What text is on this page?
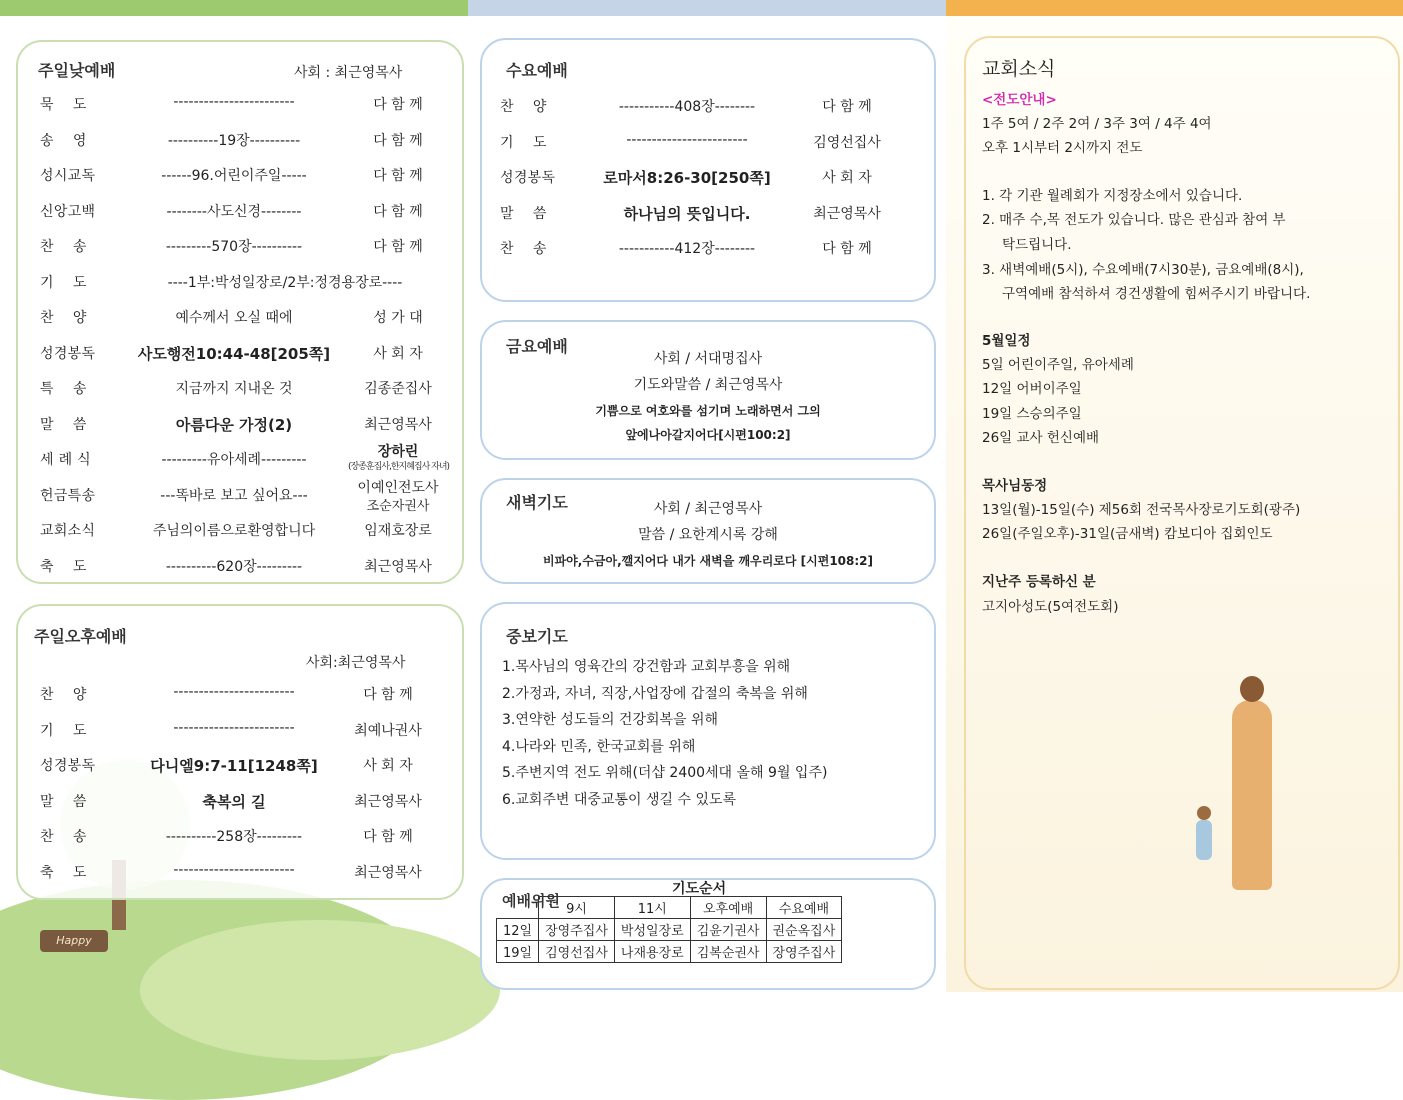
Happy
주일낮예배	사회 : 최근영목사
묵    도	------------------------	다 함 께
송    영	----------19장----------	다 함 께
성시교독	------96.어린이주일-----	다 함 께
신앙고백	--------사도신경--------	다 함 께
찬    송	---------570장----------	다 함 께
기    도	----1부:박성일장로/2부:정경용장로----
찬    양	예수께서 오실 때에	성 가 대
성경봉독	사도행전10:44-48[205쪽]	사 회 자
특    송	지금까지 지내온 것	김종준집사
말    씀	아름다운 가정(2)	최근영목사
세 례 식	---------유아세례---------	장하린
(장종훈집사,한지혜집사 자녀)
헌금특송	---똑바로 보고 싶어요---	이예인전도사
조순자권사
교회소식	주님의이름으로환영합니다	임재호장로
축    도	----------620장---------	최근영목사
주일오후예배
사회:최근영목사
찬    양	------------------------	다 함 께
기    도	------------------------	최예나권사
성경봉독	다니엘9:7-11[1248쪽]	사 회 자
말    씀	축복의 길	최근영목사
찬    송	----------258장---------	다 함 께
축    도	------------------------	최근영목사
수요예배
찬    양	-----------408장--------	다 함 께
기    도	------------------------	김영선집사
성경봉독	로마서8:26-30[250쪽]	사 회 자
말    씀	하나님의 뜻입니다.	최근영목사
찬    송	-----------412장--------	다 함 께
금요예배
사회 / 서대명집사
기도와말씀 / 최근영목사
기쁨으로 여호와를 섬기며 노래하면서 그의
앞에나아갈지어다[시편100:2]
새벽기도	사회 / 최근영목사
말씀 / 요한계시록 강해
비파야,수금아,깰지어다 내가 새벽을 깨우리로다 [시편108:2]
중보기도
1.목사님의 영육간의 강건함과 교회부흥을 위해
2.가정과, 자녀, 직장,사업장에 갑절의 축복을 위해
3.연약한 성도들의 건강회복을 위해
4.나라와 민족, 한국교회를 위해
5.주변지역 전도 위해(더샵 2400세대 올해 9월 입주)
6.교회주변 대중교통이 생길 수 있도록
예배위원
기도순서
	9시	11시	오후예배	수요예배
12일	장영주집사	박성일장로	김윤기권사	권순옥집사
19일	김영선집사	나재용장로	김복순권사	장영주집사
교회소식
<전도안내>
1주 5여 / 2주 2여 / 3주 3여 / 4주 4여
오후 1시부터 2시까지 전도
1. 각 기관 월례회가 지정장소에서 있습니다.
2. 매주 수,목 전도가 있습니다. 많은 관심과 참여 부
탁드립니다.
3. 새벽예배(5시), 수요예배(7시30분), 금요예배(8시),
구역예배 참석하셔 경건생활에 힘써주시기 바랍니다.
5월일정
5일 어린이주일, 유아세례
12일 어버이주일
19일 스승의주일
26일 교사 헌신예배
목사님동정
13일(월)-15일(수) 제56회 전국목사장로기도회(광주)
26일(주일오후)-31일(금새벽) 캄보디아 집회인도
지난주 등록하신 분
고지아성도(5여전도회)
